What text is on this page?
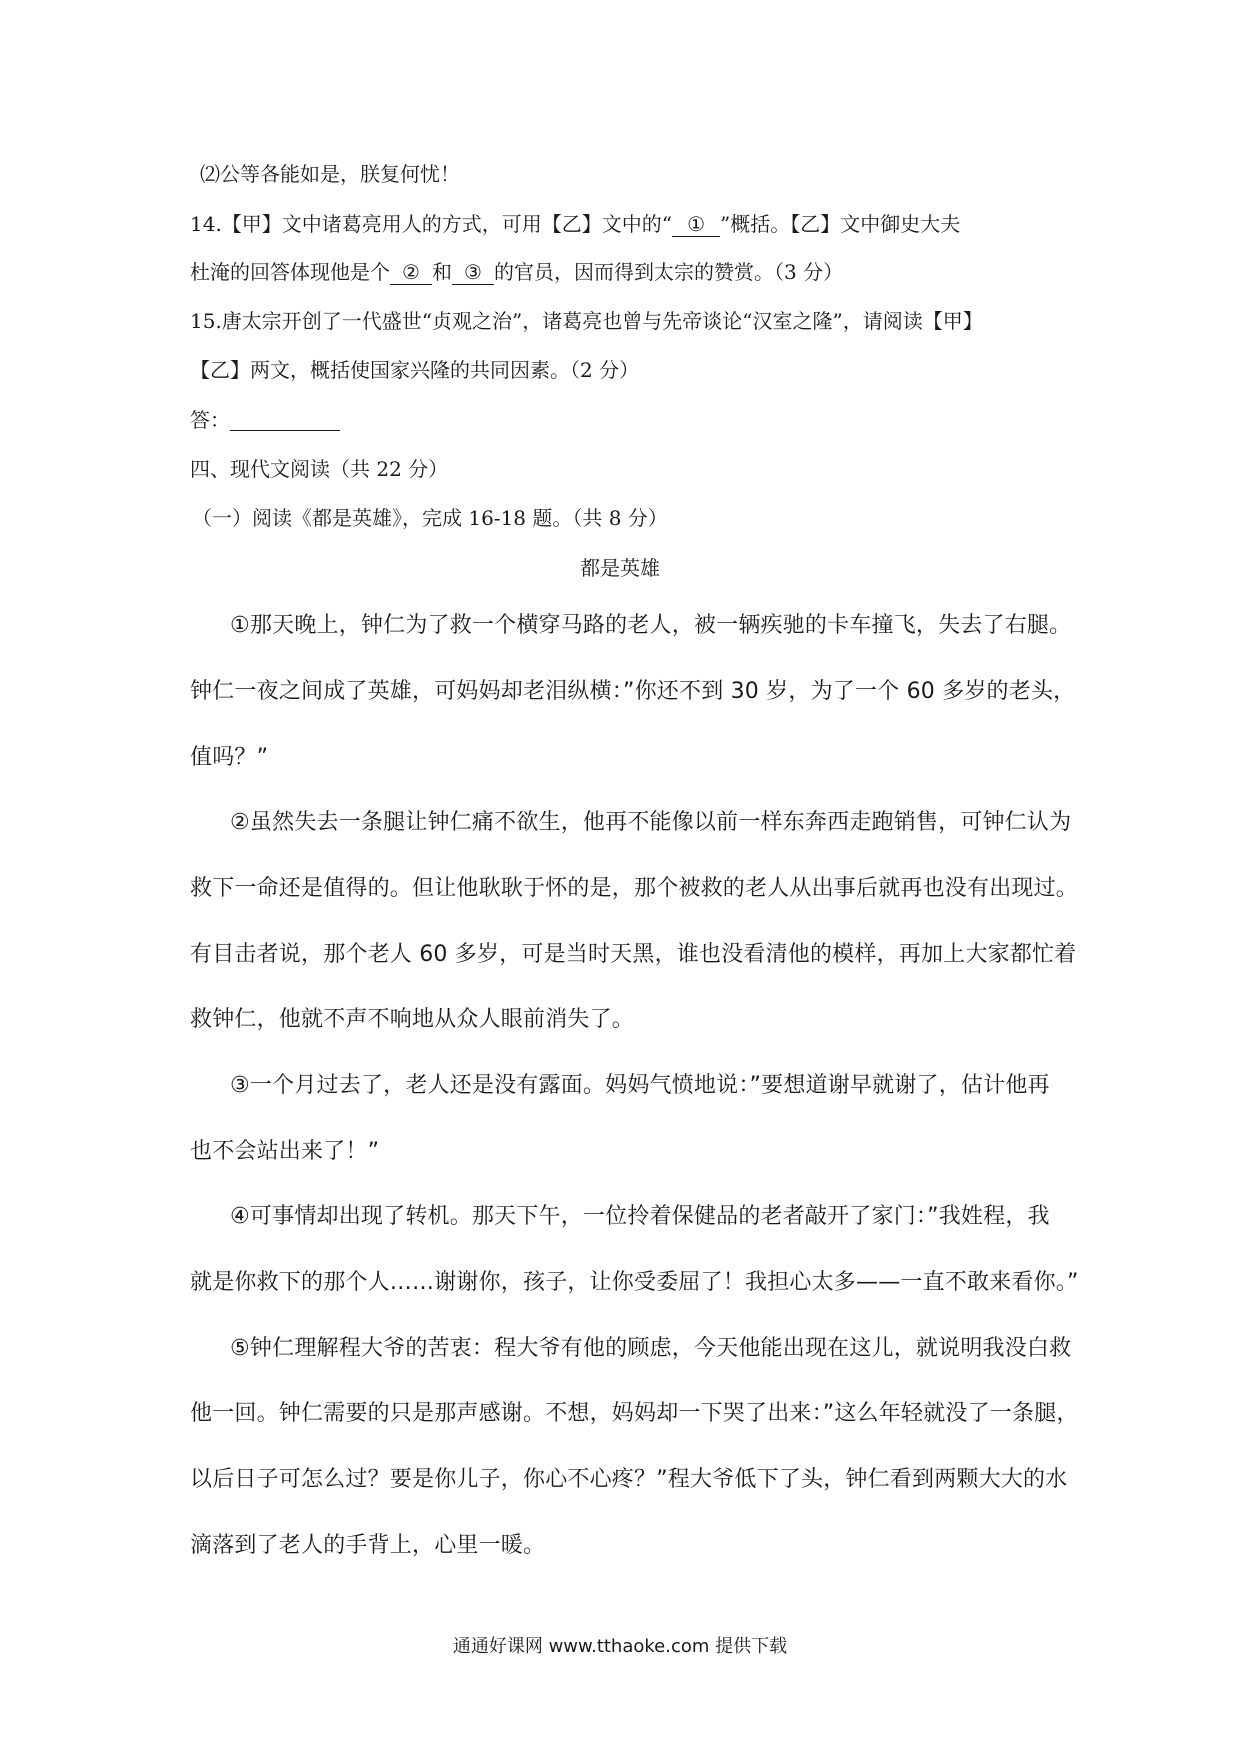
⑵公等各能如是，朕复何忧！
14.【甲】文中诸葛亮用人的方式，可用【乙】文中的“ ① ”概括。【乙】文中御史大夫
杜淹的回答体现他是个 ② 和 ③ 的官员，因而得到太宗的赞赏。（3 分）
15.唐太宗开创了一代盛世“贞观之治”，诸葛亮也曾与先帝谈论“汉室之隆”，请阅读【甲】
【乙】两文，概括使国家兴隆的共同因素。（2 分）
答：
四、现代文阅读（共 22 分）
（一）阅读《都是英雄》，完成 16-18 题。（共 8 分）
都是英雄
①那天晚上，钟仁为了救一个横穿马路的老人，被一辆疾驰的卡车撞飞，失去了右腿。
钟仁一夜之间成了英雄，可妈妈却老泪纵横：”你还不到 30 岁，为了一个 60 多岁的老头，
值吗？”
②虽然失去一条腿让钟仁痛不欲生，他再不能像以前一样东奔西走跑销售，可钟仁认为
救下一命还是值得的。但让他耿耿于怀的是，那个被救的老人从出事后就再也没有出现过。
有目击者说，那个老人 60 多岁，可是当时天黑，谁也没看清他的模样，再加上大家都忙着
救钟仁，他就不声不响地从众人眼前消失了。
③一个月过去了，老人还是没有露面。妈妈气愤地说：”要想道谢早就谢了，估计他再
也不会站出来了！”
④可事情却出现了转机。那天下午，一位拎着保健品的老者敲开了家门：”我姓程，我
就是你救下的那个人……谢谢你，孩子，让你受委屈了！我担心太多——一直不敢来看你。”
⑤钟仁理解程大爷的苦衷：程大爷有他的顾虑，今天他能出现在这儿，就说明我没白救
他一回。钟仁需要的只是那声感谢。不想，妈妈却一下哭了出来：”这么年轻就没了一条腿，
以后日子可怎么过？要是你儿子，你心不心疼？”程大爷低下了头，钟仁看到两颗大大的水
滴落到了老人的手背上，心里一暖。
通通好课网 www.tthaoke.com 提供下载
